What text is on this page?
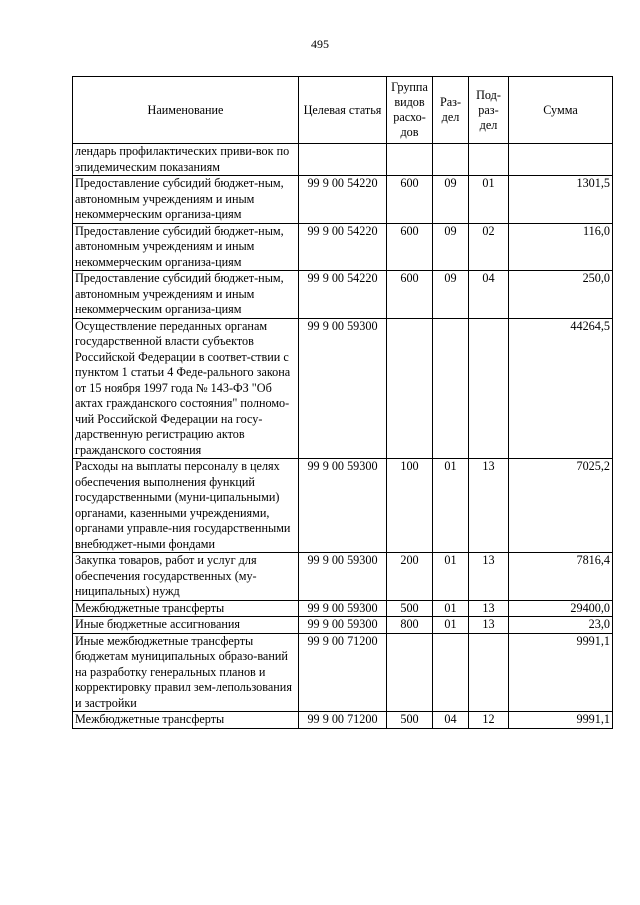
495
Наименование	Целевая статья	Группа видов расхо-дов	Раз-дел	Под-раз-дел	Сумма
лендарь профилактических приви-вок по эпидемическим показаниям					
Предоставление субсидий бюджет-ным, автономным учреждениям и иным некоммерческим организа-циям	99 9 00 54220	600	09	01	1301,5
Предоставление субсидий бюджет-ным, автономным учреждениям и иным некоммерческим организа-циям	99 9 00 54220	600	09	02	116,0
Предоставление субсидий бюджет-ным, автономным учреждениям и иным некоммерческим организа-циям	99 9 00 54220	600	09	04	250,0
Осуществление переданных органам государственной власти субъектов Российской Федерации в соответ-ствии с пунктом 1 статьи 4 Феде-рального закона от 15 ноября 1997 года № 143-ФЗ "Об актах гражданского состояния" полномо-чий Российской Федерации на госу-дарственную регистрацию актов гражданского состояния	99 9 00 59300				44264,5
Расходы на выплаты персоналу в целях обеспечения выполнения функций государственными (муни-ципальными) органами, казенными учреждениями, органами управле-ния государственными внебюджет-ными фондами	99 9 00 59300	100	01	13	7025,2
Закупка товаров, работ и услуг для обеспечения государственных (му-ниципальных) нужд	99 9 00 59300	200	01	13	7816,4
Межбюджетные трансферты	99 9 00 59300	500	01	13	29400,0
Иные бюджетные ассигнования	99 9 00 59300	800	01	13	23,0
Иные межбюджетные трансферты бюджетам муниципальных образо-ваний на разработку генеральных планов и корректировку правил зем-лепользования и застройки	99 9 00 71200				9991,1
Межбюджетные трансферты	99 9 00 71200	500	04	12	9991,1
